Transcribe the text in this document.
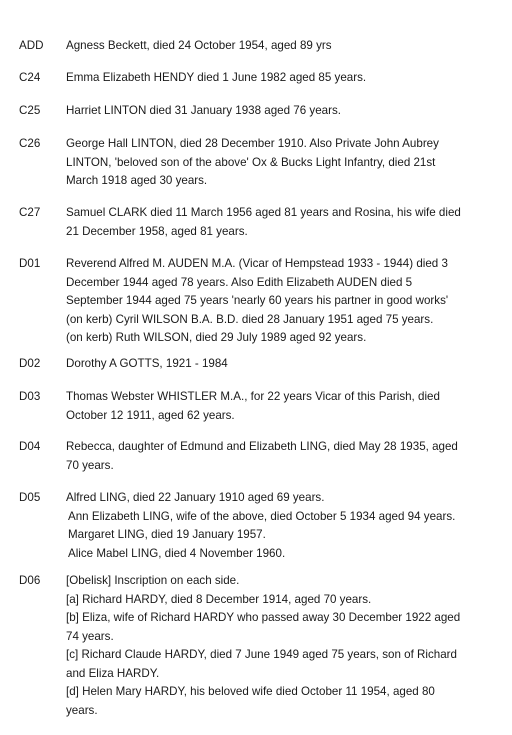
ADD Agness Beckett, died 24 October 1954, aged 89 yrs
C24 Emma Elizabeth HENDY died 1 June 1982 aged 85 years.
C25 Harriet LINTON died 31 January 1938 aged 76 years.
C26 George Hall LINTON, died 28 December 1910. Also Private John Aubrey
LINTON, 'beloved son of the above' Ox & Bucks Light Infantry, died 21st
March 1918 aged 30 years.
C27 Samuel CLARK died 11 March 1956 aged 81 years and Rosina, his wife died
21 December 1958, aged 81 years.
D01 Reverend Alfred M. AUDEN M.A. (Vicar of Hempstead 1933 - 1944) died 3
December 1944 aged 78 years. Also Edith Elizabeth AUDEN died 5
September 1944 aged 75 years 'nearly 60 years his partner in good works'
(on kerb) Cyril WILSON B.A. B.D. died 28 January 1951 aged 75 years.
(on kerb) Ruth WILSON, died 29 July 1989 aged 92 years.
D02 Dorothy A GOTTS, 1921 - 1984
D03 Thomas Webster WHISTLER M.A., for 22 years Vicar of this Parish, died
October 12 1911, aged 62 years.
D04 Rebecca, daughter of Edmund and Elizabeth LING, died May 28 1935, aged
70 years.
D05 Alfred LING, died 22 January 1910 aged 69 years.
Ann Elizabeth LING, wife of the above, died October 5 1934 aged 94 years.
Margaret LING, died 19 January 1957.
Alice Mabel LING, died 4 November 1960.
D06 [Obelisk] Inscription on each side.
[a] Richard HARDY, died 8 December 1914, aged 70 years.
[b] Eliza, wife of Richard HARDY who passed away 30 December 1922 aged
74 years.
[c] Richard Claude HARDY, died 7 June 1949 aged 75 years, son of Richard
and Eliza HARDY.
[d] Helen Mary HARDY, his beloved wife died October 11 1954, aged 80
years.
